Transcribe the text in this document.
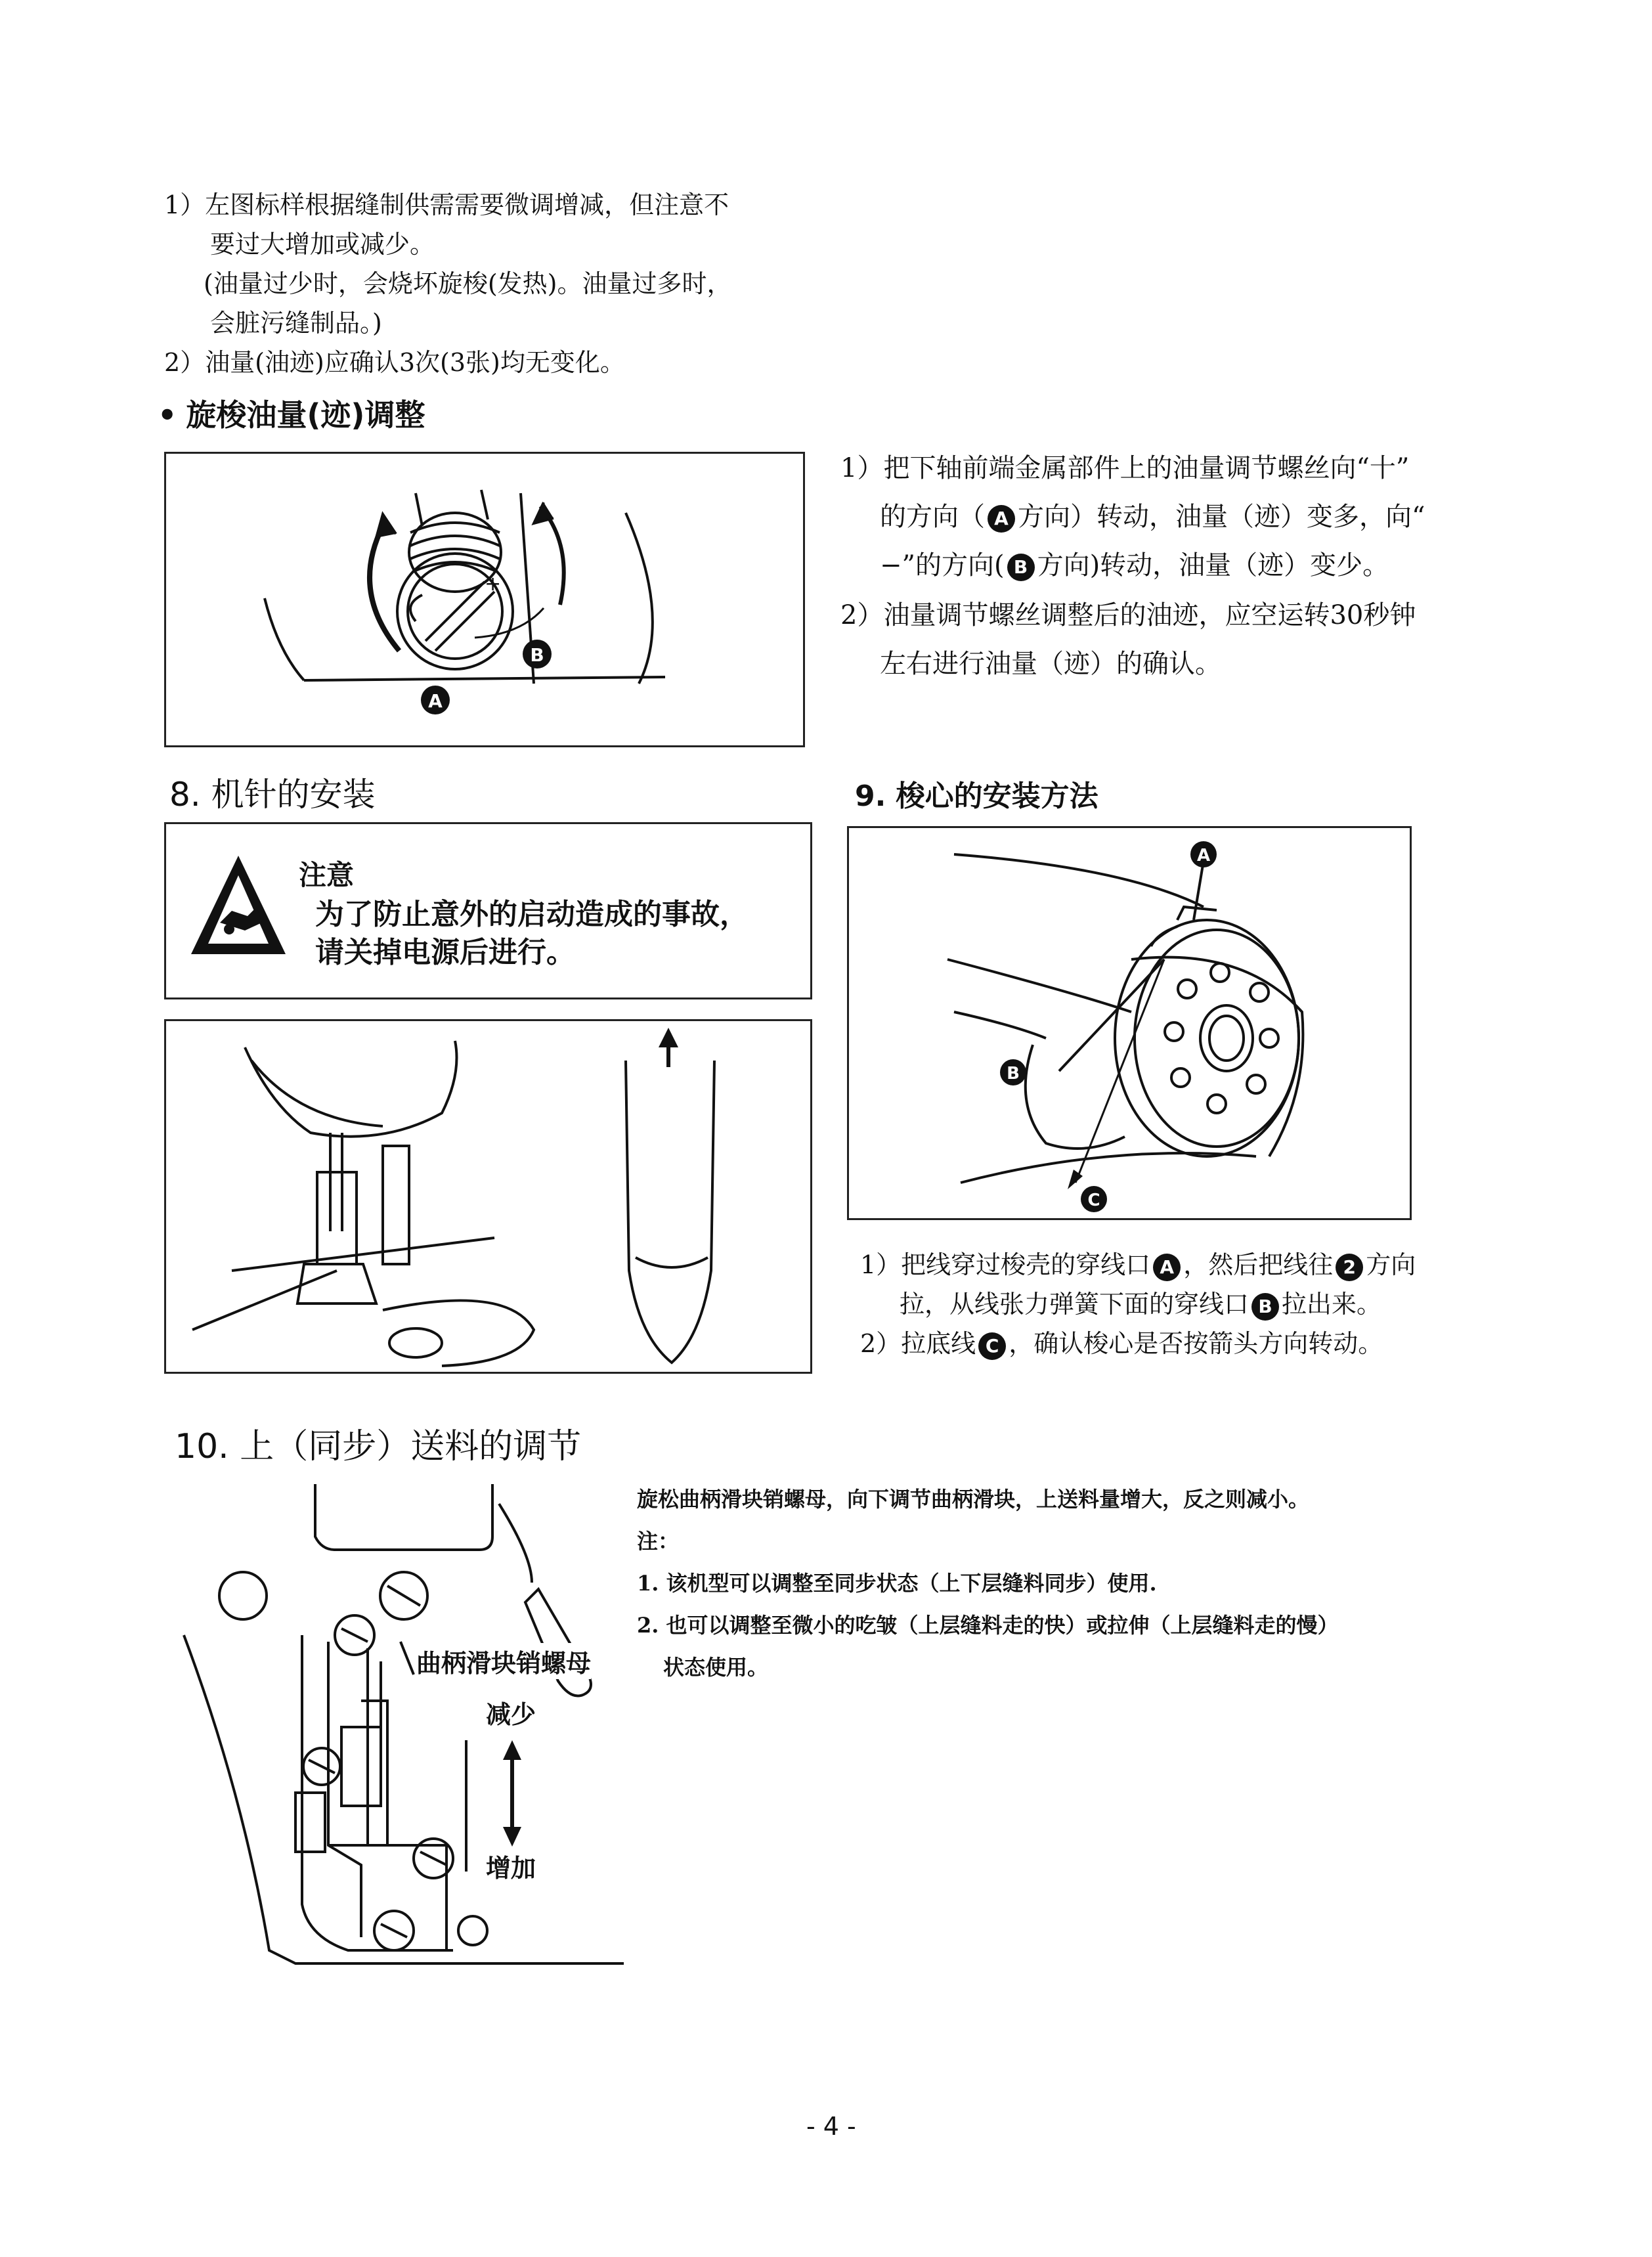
1）左图标样根据缝制供需需要微调增减，但注意不
要过大增加或减少。
(油量过少时，会烧坏旋梭(发热)。油量过多时，
会脏污缝制品。)
2）油量(油迹)应确认3次(3张)均无变化。
• 旋梭油量(迹)调整
+
A
B
1）把下轴前端金属部件上的油量调节螺丝向“十”
的方向（ A 方向）转动，油量（迹）变多，向“
−”的方向( B 方向)转动，油量（迹）变少。
2）油量调节螺丝调整后的油迹，应空运转30秒钟
左右进行油量（迹）的确认。
8. 机针的安装
注意
为了防止意外的启动造成的事故，
请关掉电源后进行。
9. 梭心的安装方法
A
B
C
1）把线穿过梭壳的穿线口 A ，然后把线往 2 方向
拉，从线张力弹簧下面的穿线口 B 拉出来。
2）拉底线 C ，确认梭心是否按箭头方向转动。
10. 上（同步）送料的调节
曲柄滑块销螺母
减少
增加
旋松曲柄滑块销螺母，向下调节曲柄滑块，上送料量增大，反之则减小。
注：
1. 该机型可以调整至同步状态（上下层缝料同步）使用.
2. 也可以调整至微小的吃皱（上层缝料走的快）或拉伸（上层缝料走的慢）
状态使用。
- 4 -
